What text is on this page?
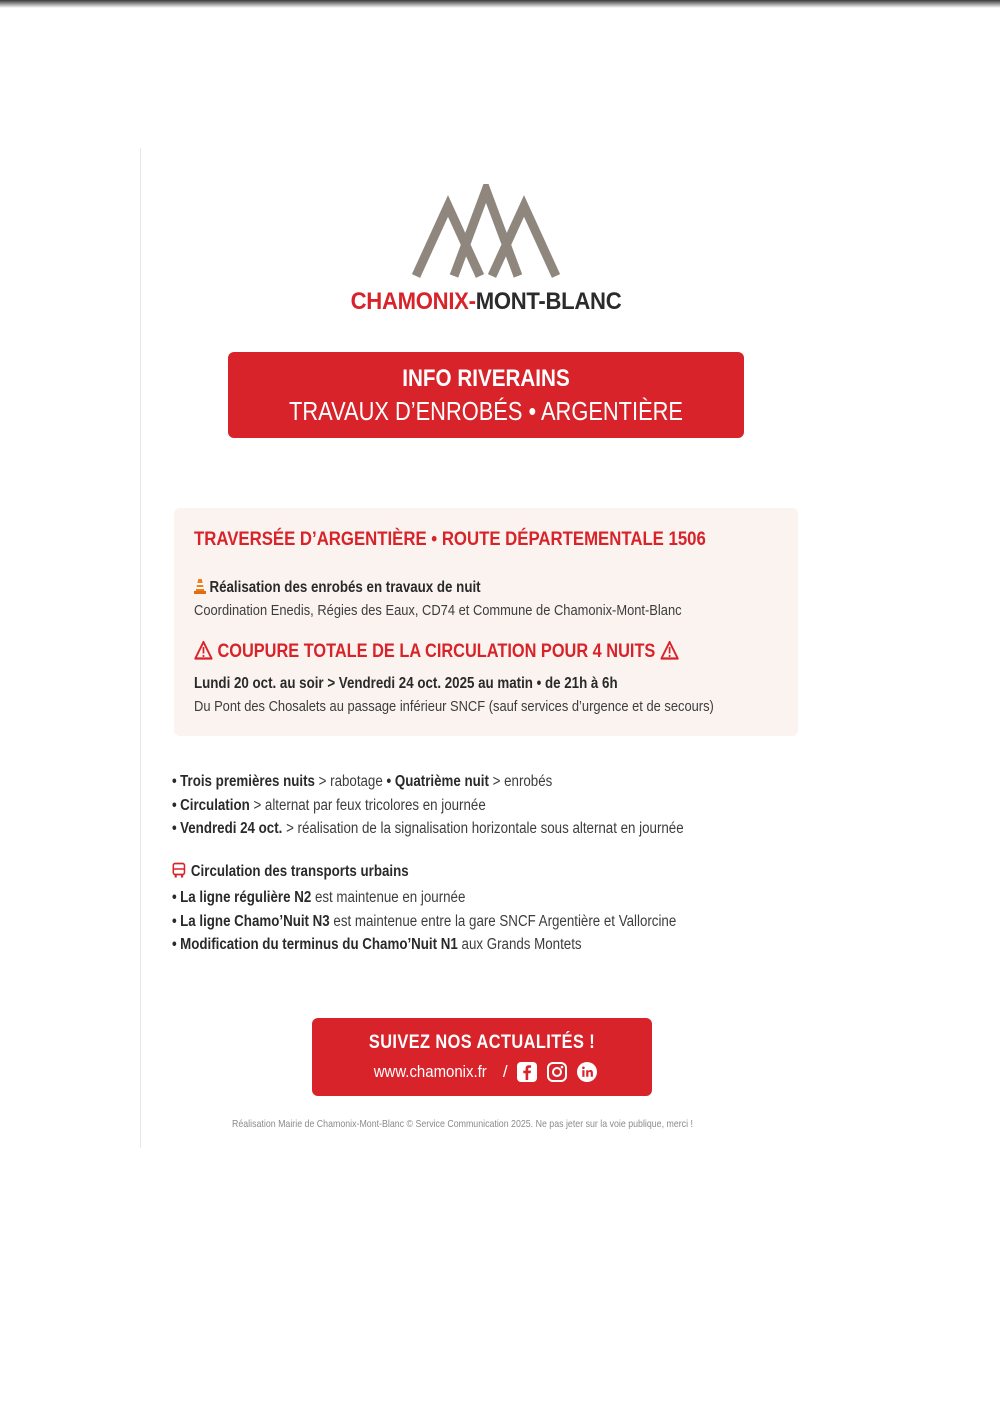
CHAMONIX-MONT-BLANC
INFO RIVERAINS
TRAVAUX D’ENROBÉS • ARGENTIÈRE
TRAVERSÉE D’ARGENTIÈRE • ROUTE DÉPARTEMENTALE 1506
Réalisation des enrobés en travaux de nuit
Coordination Enedis, Régies des Eaux, CD74 et Commune de Chamonix-Mont-Blanc
COUPURE TOTALE DE LA CIRCULATION POUR 4 NUITS
Lundi 20 oct. au soir > Vendredi 24 oct. 2025 au matin • de 21h à 6h
Du Pont des Chosalets au passage inférieur SNCF (sauf services d’urgence et de secours)
• Trois premières nuits > rabotage • Quatrième nuit > enrobés
• Circulation > alternat par feux tricolores en journée
• Vendredi 24 oct. > réalisation de la signalisation horizontale sous alternat en journée
Circulation des transports urbains
• La ligne régulière N2 est maintenue en journée
• La ligne Chamo’Nuit N3 est maintenue entre la gare SNCF Argentière et Vallorcine
• Modification du terminus du Chamo’Nuit N1 aux Grands Montets
SUIVEZ NOS ACTUALITÉS !
www.chamonix.fr /
Réalisation Mairie de Chamonix-Mont-Blanc © Service Communication 2025. Ne pas jeter sur la voie publique, merci !
